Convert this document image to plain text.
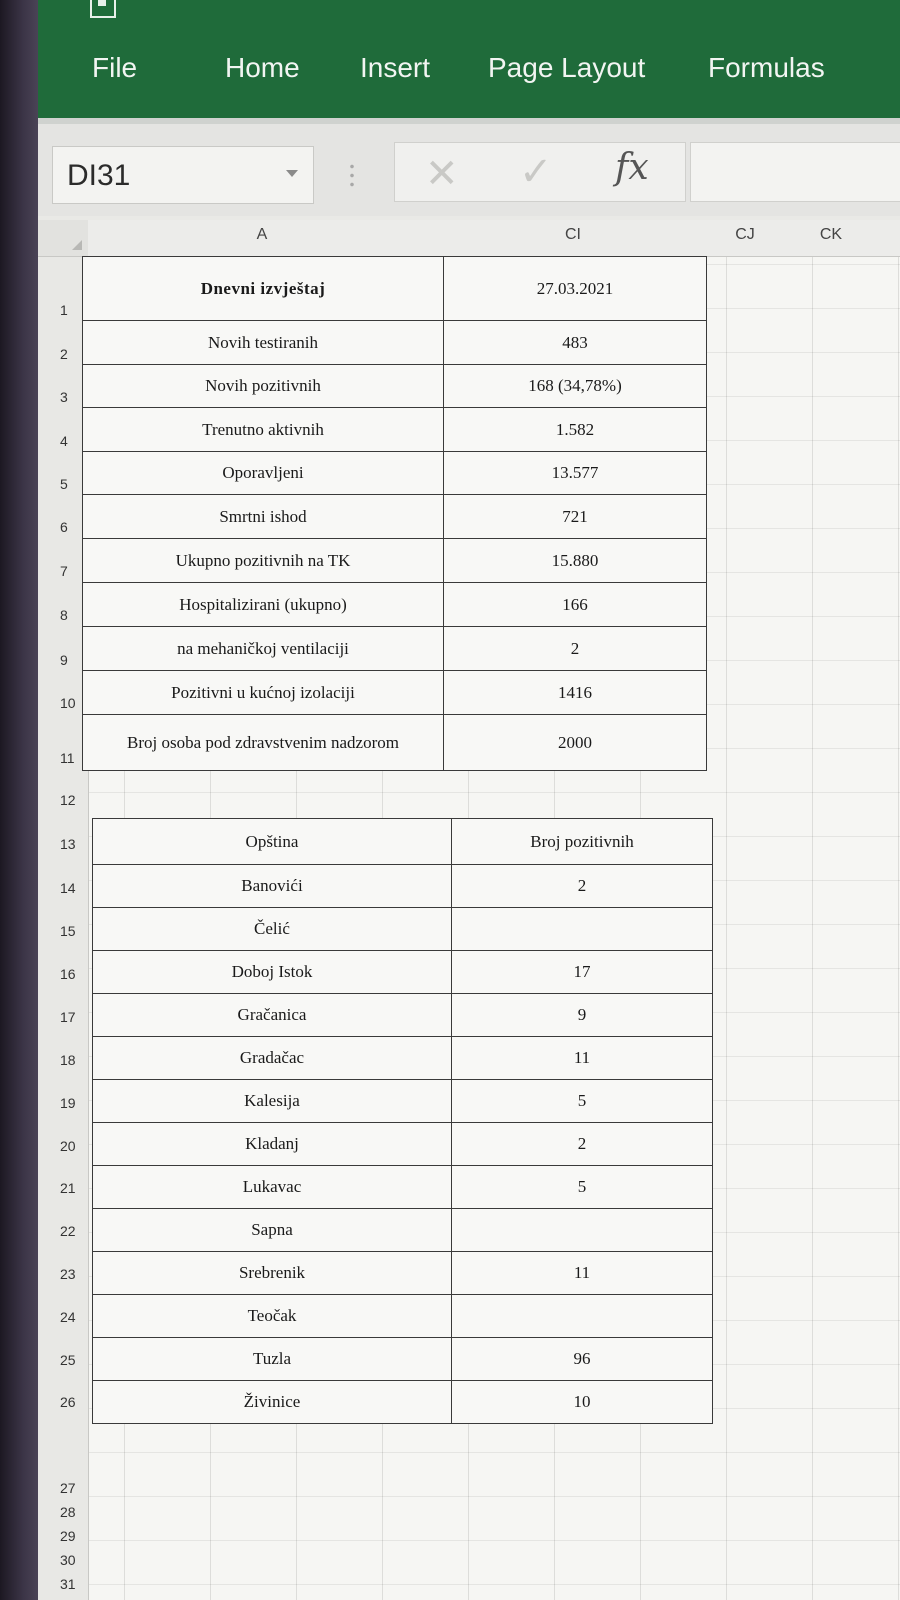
File	Home Insert Page Layout Formulas
DI31	✕ ✓ fx
A	CI	CJ	CK
1
2
3
4
5
6
7
8
9
10
11
12
13
14
15
16
17
18
19
20
21
22
23
24
25
26
27
28
29
30
31
Dnevni izvještaj	27.03.2021
Novih testiranih	483
Novih pozitivnih	168 (34,78%)
Trenutno aktivnih	1.582
Oporavljeni	13.577
Smrtni ishod	721
Ukupno pozitivnih na TK	15.880
Hospitalizirani (ukupno)	166
na mehaničkoj ventilaciji	2
Pozitivni u kućnoj izolaciji	1416
Broj osoba pod zdravstvenim nadzorom	2000
Opština	Broj pozitivnih
Banovići	2
Čelić	
Doboj Istok	17
Gračanica	9
Gradačac	11
Kalesija	5
Kladanj	2
Lukavac	5
Sapna	
Srebrenik	11
Teočak	
Tuzla	96
Živinice	10
